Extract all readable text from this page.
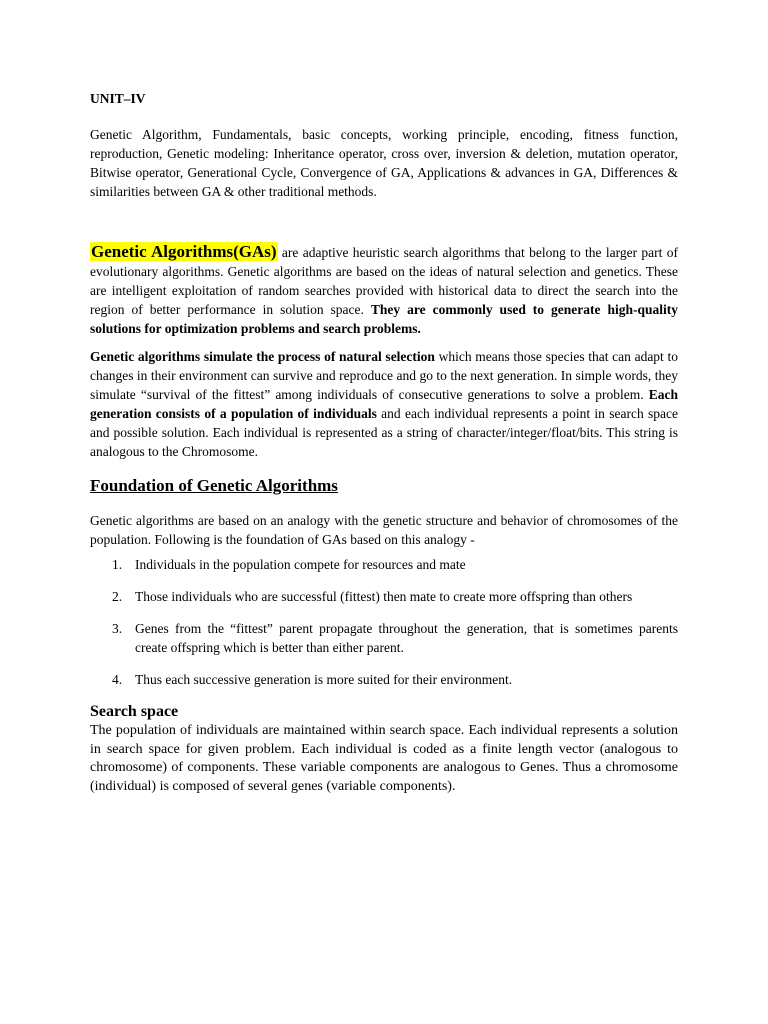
UNIT–IV

Genetic Algorithm, Fundamentals, basic concepts, working principle, encoding, fitness function, reproduction, Genetic modeling: Inheritance operator, cross over, inversion & deletion, mutation operator, Bitwise operator, Generational Cycle, Convergence of GA, Applications & advances in GA, Differences & similarities between GA & other traditional methods.

Genetic Algorithms(GAs) are adaptive heuristic search algorithms that belong to the larger part of evolutionary algorithms. Genetic algorithms are based on the ideas of natural selection and genetics. These are intelligent exploitation of random searches provided with historical data to direct the search into the region of better performance in solution space. They are commonly used to generate high-quality solutions for optimization problems and search problems.

Genetic algorithms simulate the process of natural selection which means those species that can adapt to changes in their environment can survive and reproduce and go to the next generation. In simple words, they simulate “survival of the fittest” among individuals of consecutive generations to solve a problem. Each generation consists of a population of individuals and each individual represents a point in search space and possible solution. Each individual is represented as a string of character/integer/float/bits. This string is analogous to the Chromosome.

Foundation of Genetic Algorithms

Genetic algorithms are based on an analogy with the genetic structure and behavior of chromosomes of the population. Following is the foundation of GAs based on this analogy -

1. Individuals in the population compete for resources and mate
2. Those individuals who are successful (fittest) then mate to create more offspring than others
3. Genes from the “fittest” parent propagate throughout the generation, that is sometimes parents create offspring which is better than either parent.
4. Thus each successive generation is more suited for their environment.
Search space

The population of individuals are maintained within search space. Each individual represents a solution in search space for given problem. Each individual is coded as a finite length vector (analogous to chromosome) of components. These variable components are analogous to Genes. Thus a chromosome (individual) is composed of several genes (variable components).
